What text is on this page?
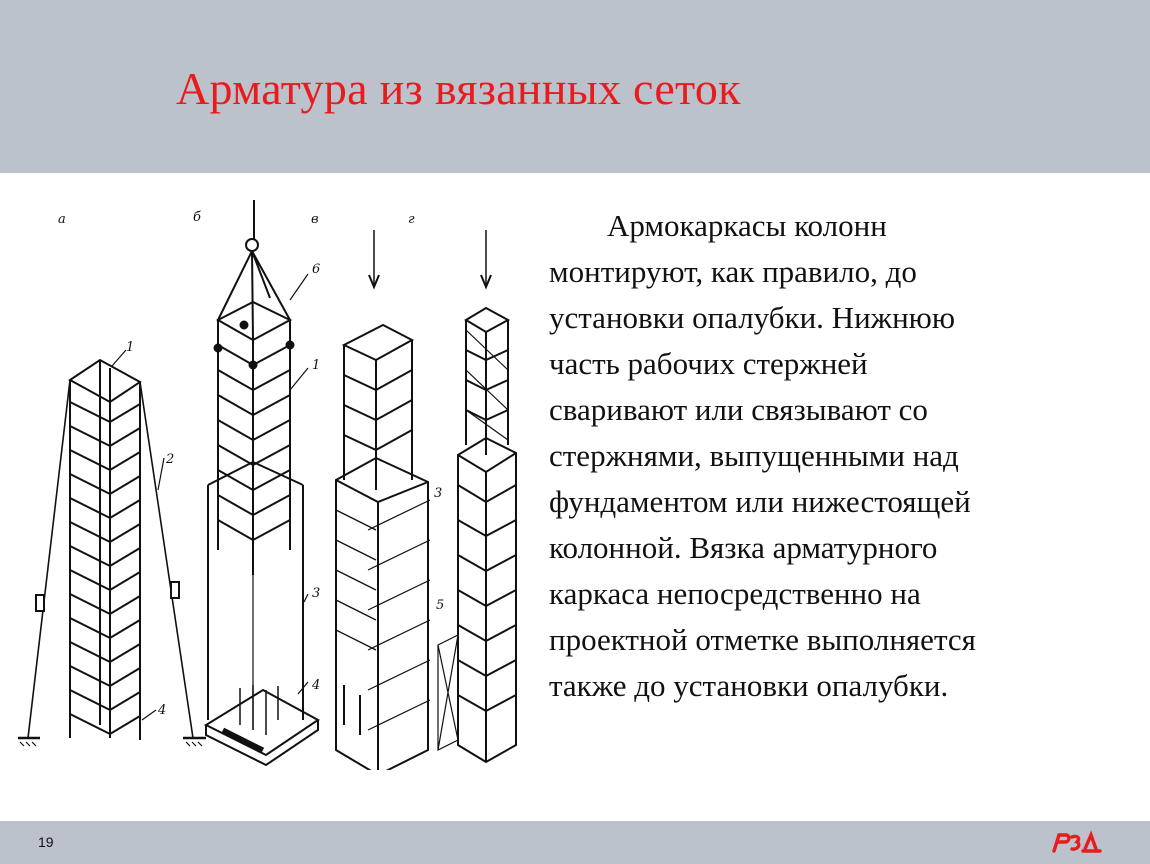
Арматура из вязанных сеток
а	б	в	г
1
2
4
6
1
3
4
3
5
Армокаркасы колонн
монтируют, как правило, до
установки опалубки. Нижнюю
часть рабочих стержней
сваривают или связывают со
стержнями, выпущенными над
фундаментом или нижестоящей
колонной. Вязка арматурного
каркаса непосредственно на
проектной отметке выполняется
также до установки опалубки.
19
